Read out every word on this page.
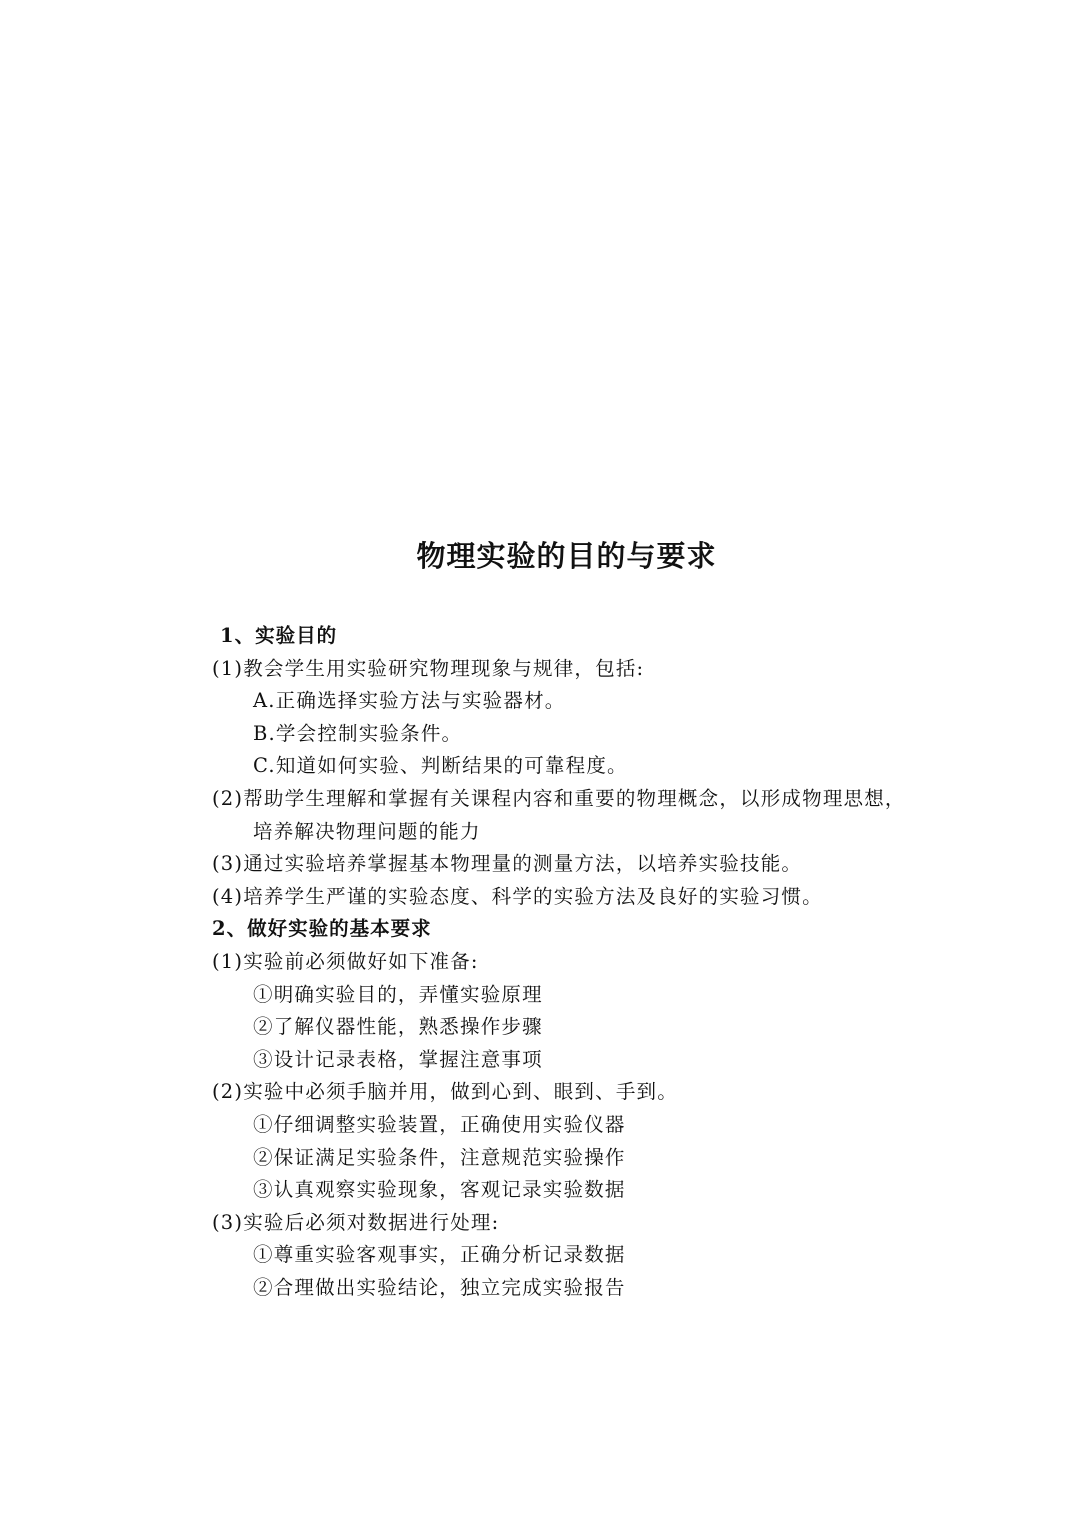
物理实验的目的与要求
1、实验目的
(1)教会学生用实验研究物理现象与规律，包括:
A.正确选择实验方法与实验器材。
B.学会控制实验条件。
C.知道如何实验、判断结果的可靠程度。
(2)帮助学生理解和掌握有关课程内容和重要的物理概念，以形成物理思想，
培养解决物理问题的能力
(3)通过实验培养掌握基本物理量的测量方法，以培养实验技能。
(4)培养学生严谨的实验态度、科学的实验方法及良好的实验习惯。
2、做好实验的基本要求
(1)实验前必须做好如下准备:
①明确实验目的，弄懂实验原理
②了解仪器性能，熟悉操作步骤
③设计记录表格，掌握注意事项
(2)实验中必须手脑并用，做到心到、眼到、手到。
①仔细调整实验装置，正确使用实验仪器
②保证满足实验条件，注意规范实验操作
③认真观察实验现象，客观记录实验数据
(3)实验后必须对数据进行处理:
①尊重实验客观事实，正确分析记录数据
②合理做出实验结论，独立完成实验报告
